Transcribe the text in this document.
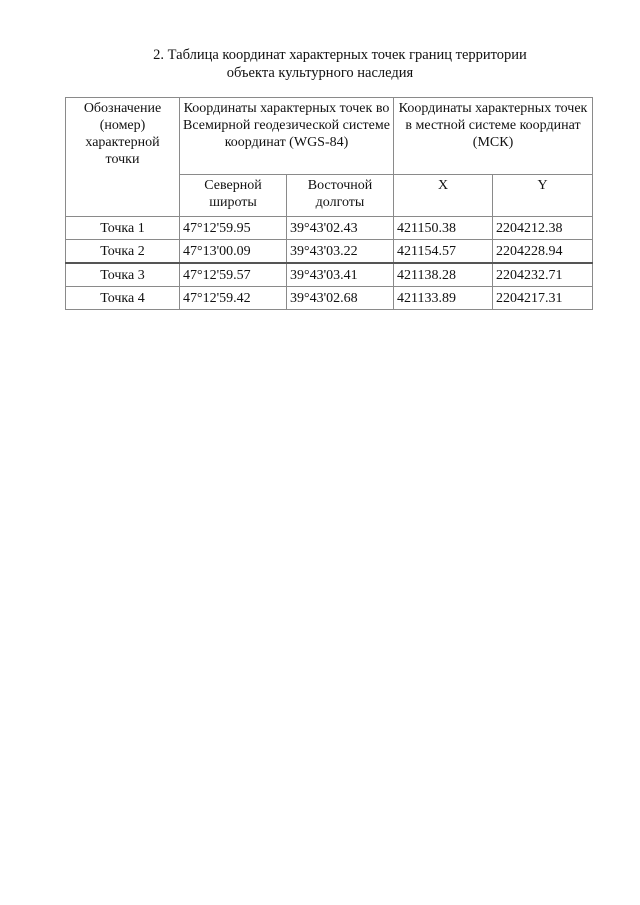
2. Таблица координат характерных точек границ территории
объекта культурного наследия
Обозначение (номер) характерной точки	Координаты характерных точек во Всемирной геодезической системе координат (WGS-84)		Координаты характерных точек в местной системе координат (МСК)	
	Северной широты	Восточной долготы	X	Y
Точка 1	47°12'59.95	39°43'02.43	421150.38	2204212.38
Точка 2	47°13'00.09	39°43'03.22	421154.57	2204228.94
Точка 3	47°12'59.57	39°43'03.41	421138.28	2204232.71
Точка 4	47°12'59.42	39°43'02.68	421133.89	2204217.31
